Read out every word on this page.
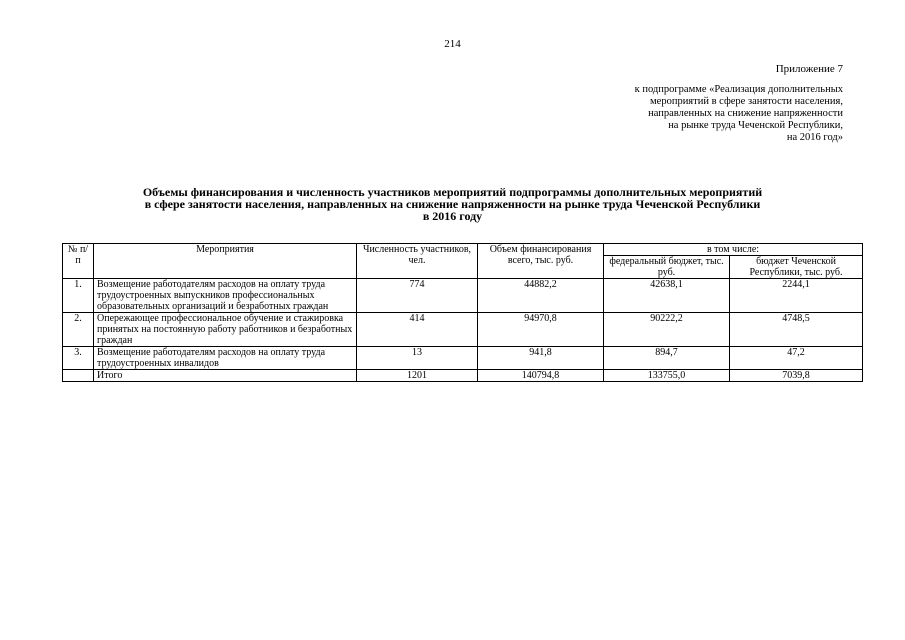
214
Приложение 7
к подпрограмме «Реализация дополнительных
мероприятий в сфере занятости населения,
направленных на снижение напряженности
на рынке труда Чеченской Республики,
на 2016 год»
Объемы финансирования и численность участников мероприятий подпрограммы дополнительных мероприятий
в сфере занятости населения, направленных на снижение напряженности на рынке труда Чеченской Республики
в 2016 году
№ п/п	Мероприятия	Численность участников, чел.	Объем финансирования всего, тыс. руб.	в том числе:	
				федеральный бюджет, тыс. руб.	бюджет Чеченской Республики, тыс. руб.
1.	Возмещение работодателям расходов на оплату труда трудоустроенных выпускников профессиональных образовательных организаций и безработных граждан	774	44882,2	42638,1	2244,1
2.	Опережающее профессиональное обучение и стажировка принятых на постоянную работу работников и безработных граждан	414	94970,8	90222,2	4748,5
3.	Возмещение работодателям расходов на оплату труда трудоустроенных инвалидов	13	941,8	894,7	47,2
	Итого	1201	140794,8	133755,0	7039,8
